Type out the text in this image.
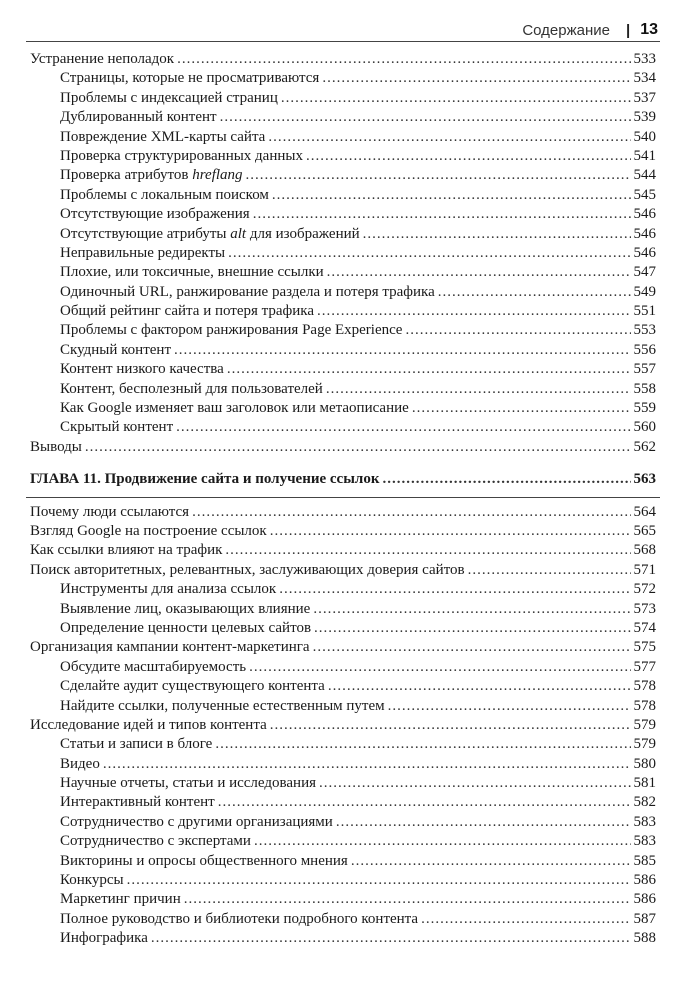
Содержание | 13
Устранение неполадок .....	533
Страницы, которые не просматриваются .....	534
Проблемы с индексацией страниц .....	537
Дублированный контент .....	539
Повреждение XML-карты сайта .....	540
Проверка структурированных данных .....	541
Проверка атрибутов hreflang .....	544
Проблемы с локальным поиском .....	545
Отсутствующие изображения .....	546
Отсутствующие атрибуты alt для изображений .....	546
Неправильные редиректы .....	546
Плохие, или токсичные, внешние ссылки .....	547
Одиночный URL, ранжирование раздела и потеря трафика .....	549
Общий рейтинг сайта и потеря трафика .....	551
Проблемы с фактором ранжирования Page Experience .....	553
Скудный контент .....	556
Контент низкого качества .....	557
Контент, бесполезный для пользователей .....	558
Как Google изменяет ваш заголовок или метаописание .....	559
Скрытый контент .....	560
Выводы .....	562
ГЛАВА 11. Продвижение сайта и получение ссылок .....	563
Почему люди ссылаются .....	564
Взгляд Google на построение ссылок .....	565
Как ссылки влияют на трафик .....	568
Поиск авторитетных, релевантных, заслуживающих доверия сайтов .....	571
Инструменты для анализа ссылок .....	572
Выявление лиц, оказывающих влияние .....	573
Определение ценности целевых сайтов .....	574
Организация кампании контент-маркетинга .....	575
Обсудите масштабируемость .....	577
Сделайте аудит существующего контента .....	578
Найдите ссылки, полученные естественным путем .....	578
Исследование идей и типов контента .....	579
Статьи и записи в блоге .....	579
Видео .....	580
Научные отчеты, статьи и исследования .....	581
Интерактивный контент .....	582
Сотрудничество с другими организациями .....	583
Сотрудничество с экспертами .....	583
Викторины и опросы общественного мнения .....	585
Конкурсы .....	586
Маркетинг причин .....	586
Полное руководство и библиотеки подробного контента .....	587
Инфографика .....	588
